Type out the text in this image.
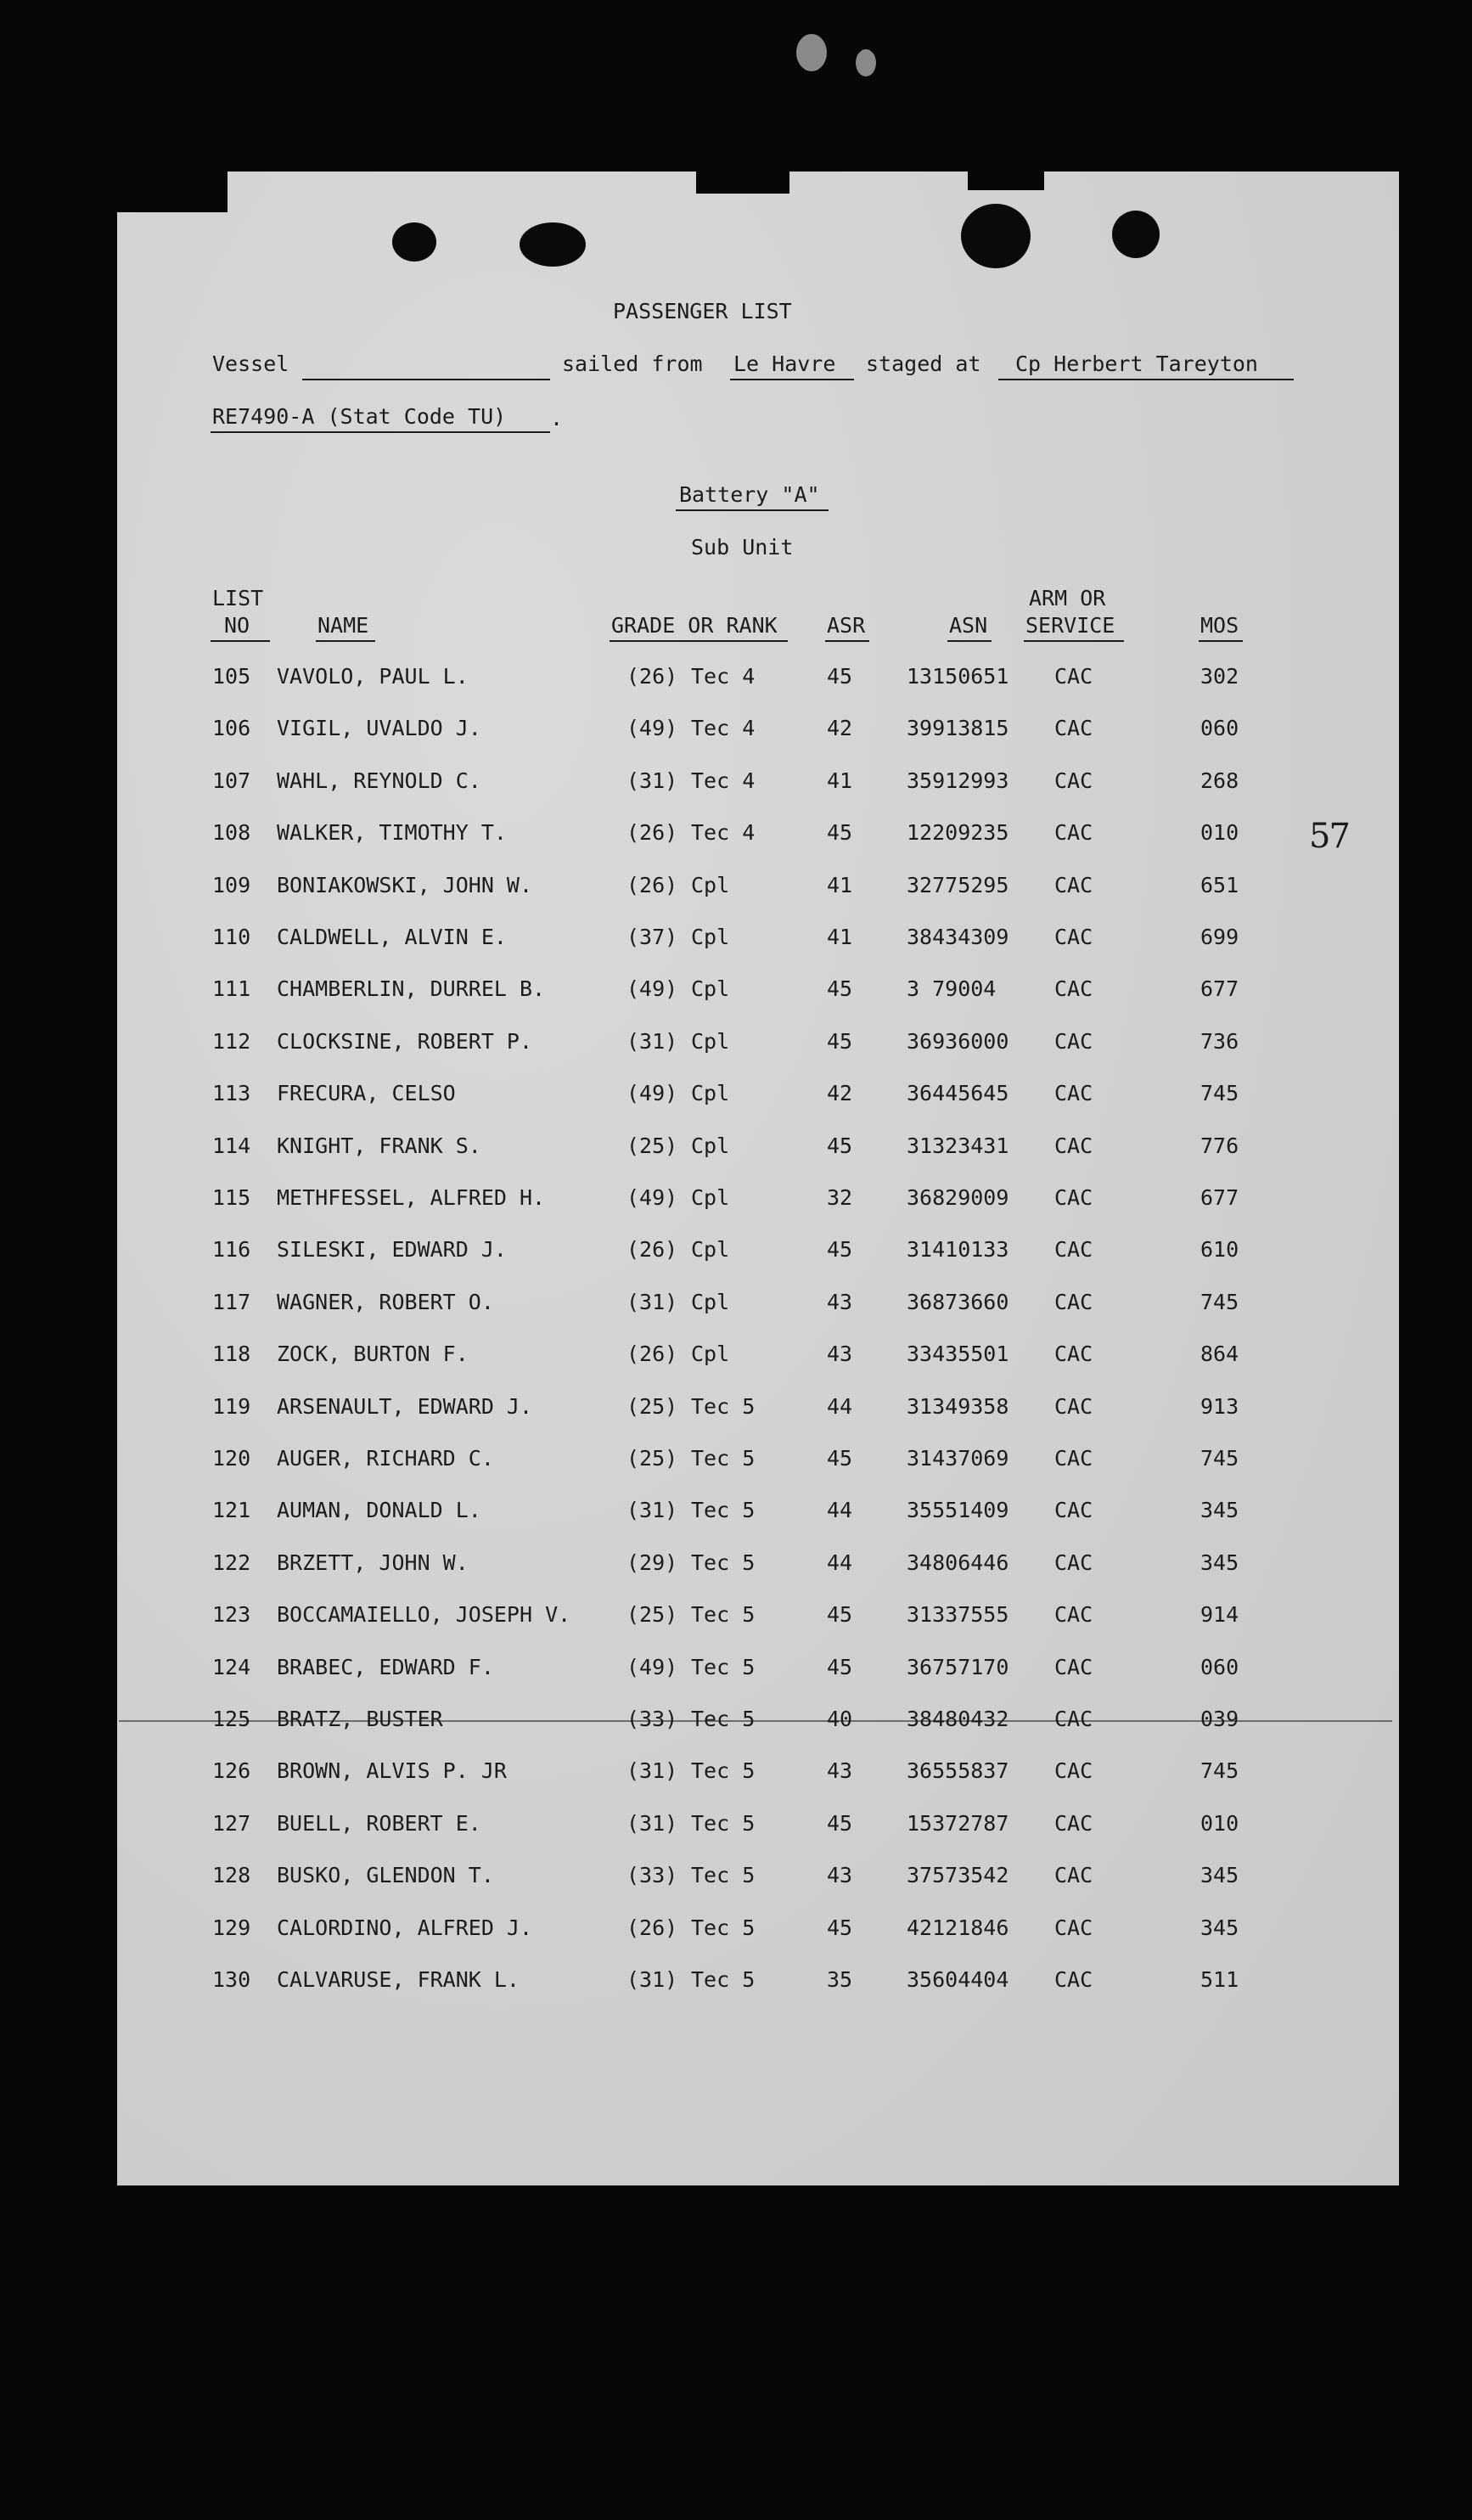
PASSENGER LIST
Vessel	sailed from Le Havre staged at Cp Herbert Tareyton
RE7490-A (Stat Code TU) .
Battery "A"
Sub Unit
57
LIST
NO	NAME	GRADE OR RANK ASR	ASN
ARM OR
SERVICE	MOS
105 VAVOLO, PAUL L.	(26) Tec 4	45	13150651 CAC	302
106 VIGIL, UVALDO J.	(49) Tec 4	42	39913815 CAC	060
107 WAHL, REYNOLD C.	(31) Tec 4	41	35912993 CAC	268
108 WALKER, TIMOTHY T.	(26) Tec 4	45	12209235 CAC	010
109 BONIAKOWSKI, JOHN W.	(26) Cpl	41	32775295 CAC	651
110 CALDWELL, ALVIN E.	(37) Cpl	41	38434309 CAC	699
111 CHAMBERLIN, DURREL B.	(49) Cpl	45	3 79004	CAC	677
112 CLOCKSINE, ROBERT P.	(31) Cpl	45	36936000 CAC	736
113 FRECURA, CELSO	(49) Cpl	42	36445645 CAC	745
114 KNIGHT, FRANK S.	(25) Cpl	45	31323431 CAC	776
115 METHFESSEL, ALFRED H.	(49) Cpl	32	36829009 CAC	677
116 SILESKI, EDWARD J.	(26) Cpl	45	31410133 CAC	610
117 WAGNER, ROBERT O.	(31) Cpl	43	36873660 CAC	745
118 ZOCK, BURTON F.	(26) Cpl	43	33435501 CAC	864
119 ARSENAULT, EDWARD J.	(25) Tec 5	44	31349358 CAC	913
120 AUGER, RICHARD C.	(25) Tec 5	45	31437069 CAC	745
121 AUMAN, DONALD L.	(31) Tec 5	44	35551409 CAC	345
122 BRZETT, JOHN W.	(29) Tec 5	44	34806446 CAC	345
123 BOCCAMAIELLO, JOSEPH V.	(25) Tec 5	45	31337555 CAC	914
124 BRABEC, EDWARD F.	(49) Tec 5	45	36757170 CAC	060
125 BRATZ, BUSTER	(33) Tec 5	40	38480432 CAC	039
126 BROWN, ALVIS P. JR	(31) Tec 5	43	36555837 CAC	745
127 BUELL, ROBERT E.	(31) Tec 5	45	15372787 CAC	010
128 BUSKO, GLENDON T.	(33) Tec 5	43	37573542 CAC	345
129 CALORDINO, ALFRED J.	(26) Tec 5	45	42121846 CAC	345
130 CALVARUSE, FRANK L.	(31) Tec 5	35	35604404 CAC	511
